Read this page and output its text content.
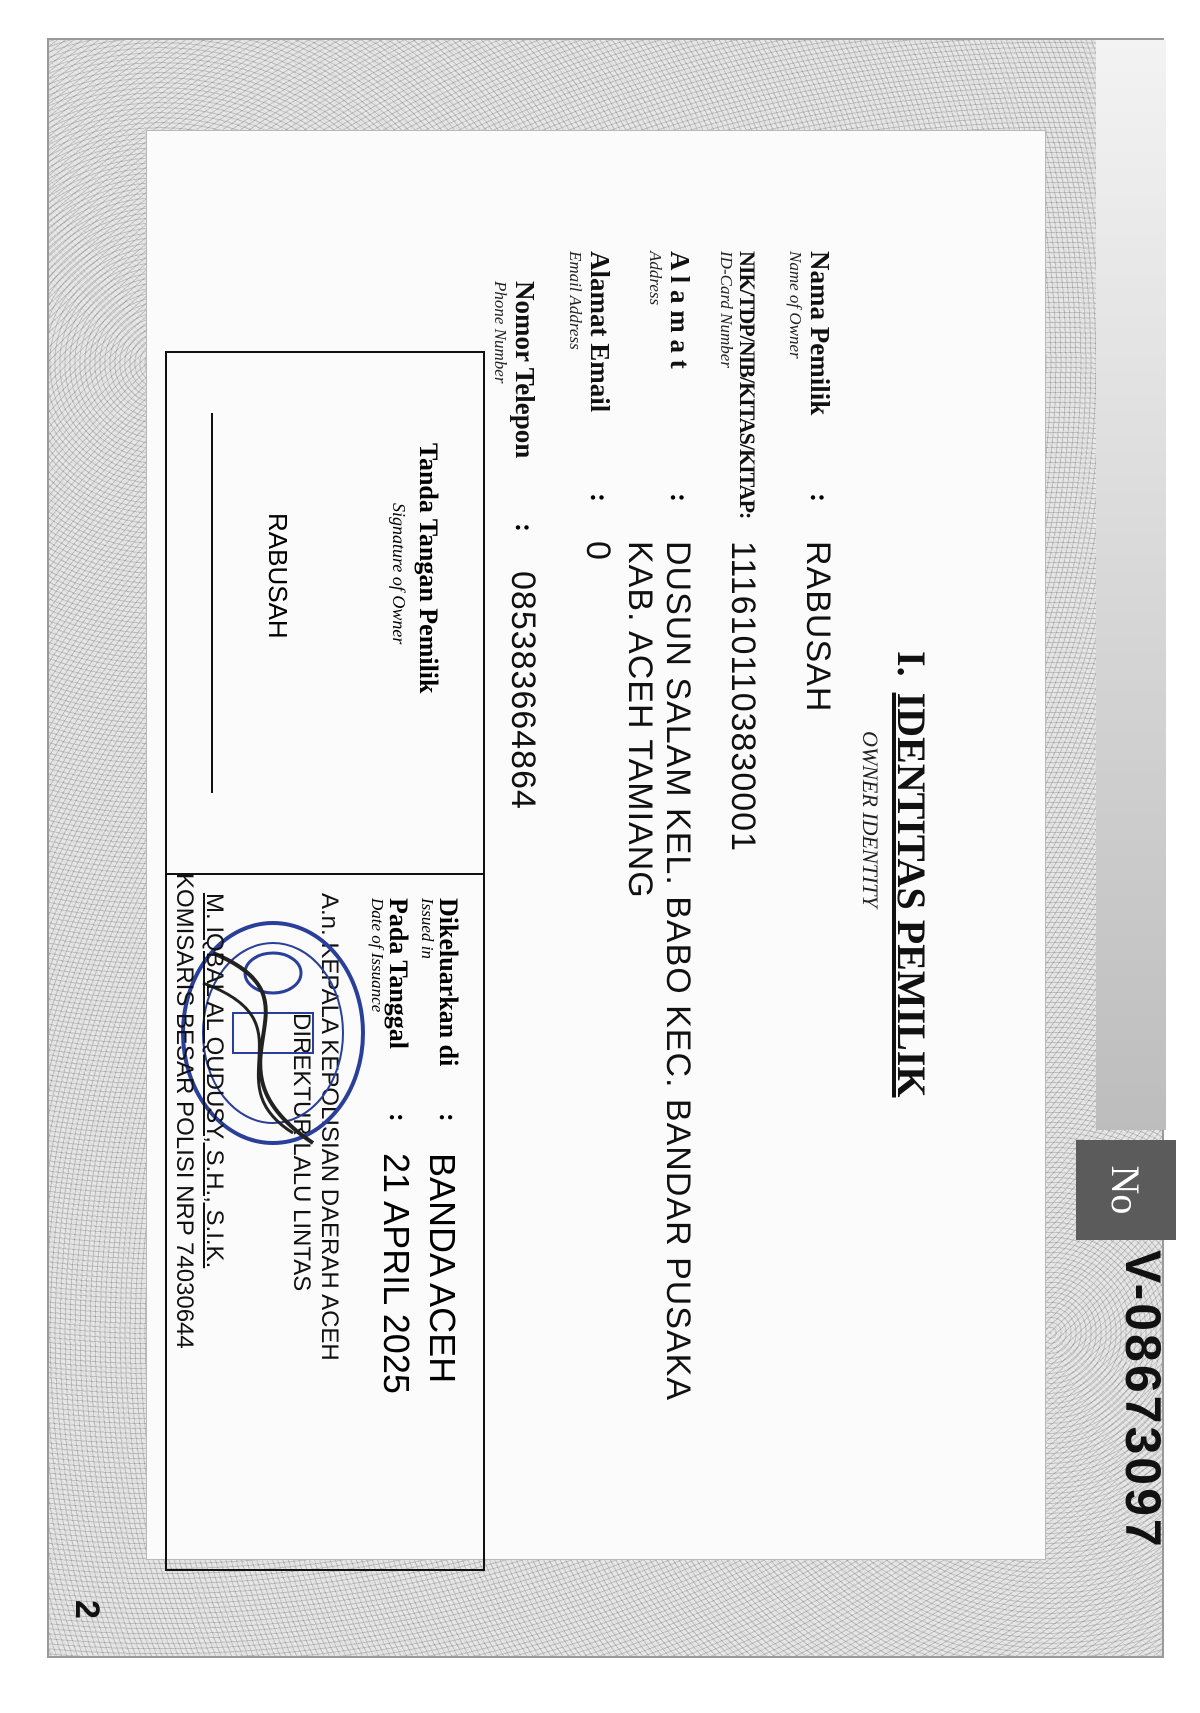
No
V-08673097
I.IDENTITAS PEMILIK
OWNER IDENTITY
Nama Pemilik
Name of Owner
:
RABUSAH
NIK/TDP/NIB/KITAS/KITAP:
ID-Card Number
1116101103830001
A l a m a t
Address
:
DUSUN SALAM KEL. BABO KEC. BANDAR PUSAKA
KAB. ACEH TAMIANG
Alamat Email
Email Address
:
0
Nomor Telepon
Phone Number
:
085383664864
Tanda Tangan Pemilik
Signature of Owner
RABUSAH
Dikeluarkan di
Issued in
:
BANDA ACEH
Pada Tanggal
Date of Issuance
:
21 APRIL 2025
A.n. KEPALA KEPOLISIAN DAERAH ACEH
DIREKTUR LALU LINTAS
M. IQBAL AL QUDUSY, S.H., S.I.K.
KOMISARIS BESAR POLISI NRP 74030644
2
